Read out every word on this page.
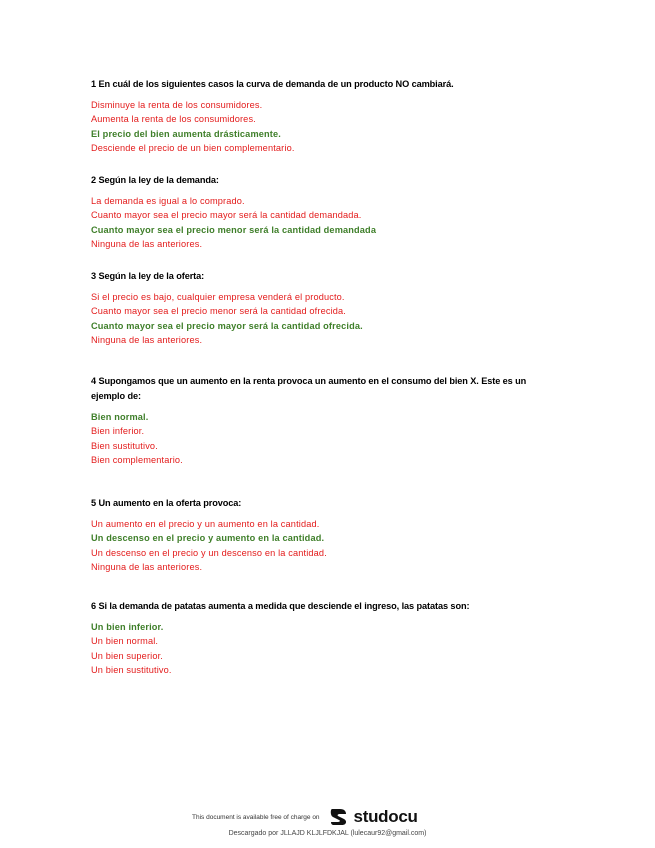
1 En cuál de los siguientes casos la curva de demanda de un producto NO cambiará.

Disminuye la renta de los consumidores.
Aumenta la renta de los consumidores.
El precio del bien aumenta drásticamente.
Desciende el precio de un bien complementario.

2 Según la ley de la demanda:

La demanda es igual a lo comprado.
Cuanto mayor sea el precio mayor será la cantidad demandada.
Cuanto mayor sea el precio menor será la cantidad demandada
Ninguna de las anteriores.

3 Según la ley de la oferta:

Si el precio es bajo, cualquier empresa venderá el producto.
Cuanto mayor sea el precio menor será la cantidad ofrecida.
Cuanto mayor sea el precio mayor será la cantidad ofrecida.
Ninguna de las anteriores.

4 Supongamos que un aumento en la renta provoca un aumento en el consumo del bien X. Este es un ejemplo de:

Bien normal.
Bien inferior.
Bien sustitutivo.
Bien complementario.

5 Un aumento en la oferta provoca:

Un aumento en el precio y un aumento en la cantidad.
Un descenso en el precio y aumento en la cantidad.
Un descenso en el precio y un descenso en la cantidad.
Ninguna de las anteriores.

6 Si la demanda de patatas aumenta a medida que desciende el ingreso, las patatas son:

Un bien inferior.
Un bien normal.
Un bien superior.
Un bien sustitutivo.
This document is available free of charge on studocu
Descargado por JLLAJD KLJLFDKJAL (lulecaur92@gmail.com)
